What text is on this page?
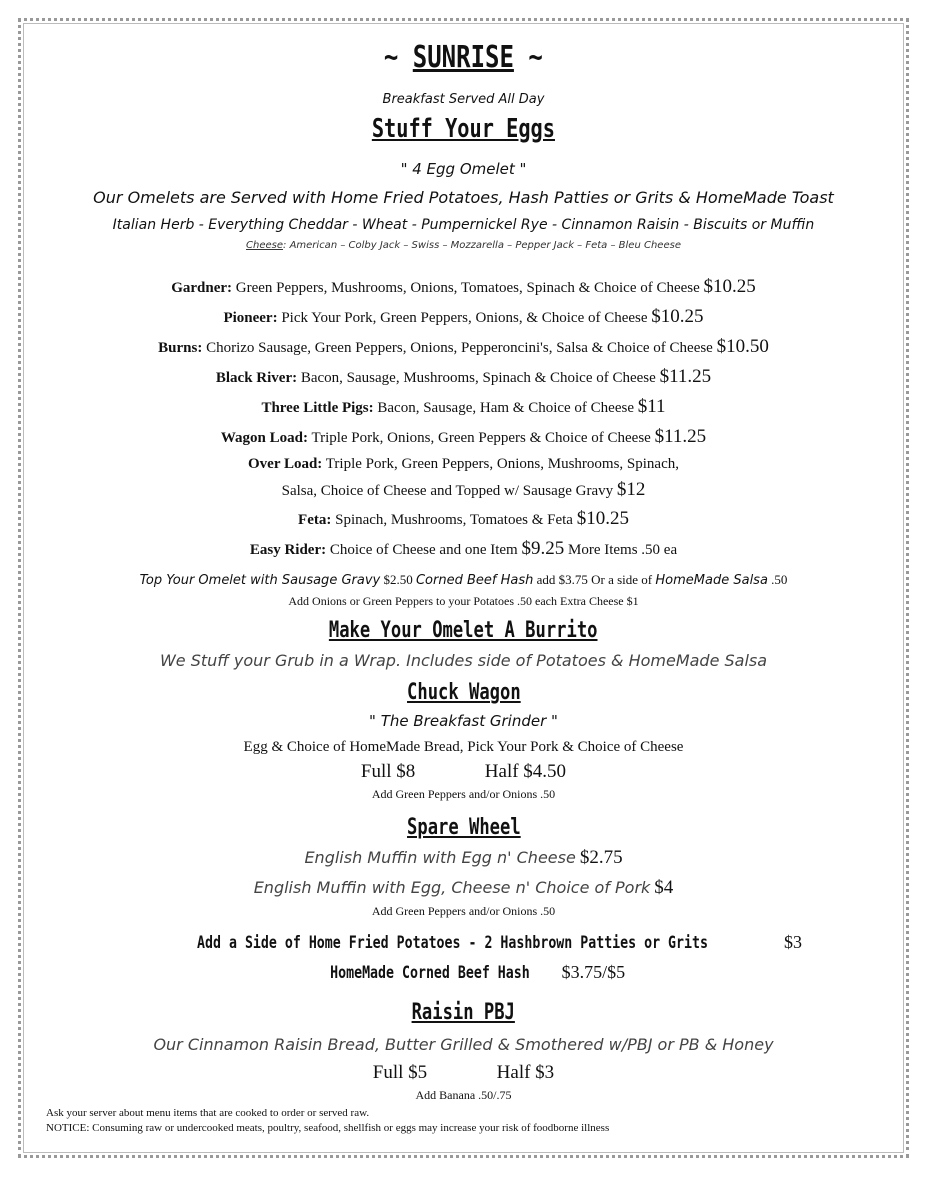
~ SUNRISE ~
Breakfast Served All Day
Stuff Your Eggs
" 4 Egg Omelet "
Our Omelets are Served with Home Fried Potatoes, Hash Patties or Grits & HomeMade Toast
Italian Herb - Everything Cheddar - Wheat - Pumpernickel Rye - Cinnamon Raisin - Biscuits or Muffin
Cheese: American – Colby Jack – Swiss – Mozzarella – Pepper Jack – Feta – Bleu Cheese
Gardner: Green Peppers, Mushrooms, Onions, Tomatoes, Spinach & Choice of Cheese $10.25
Pioneer: Pick Your Pork, Green Peppers, Onions, & Choice of Cheese $10.25
Burns: Chorizo Sausage, Green Peppers, Onions, Pepperoncini's, Salsa & Choice of Cheese $10.50
Black River: Bacon, Sausage, Mushrooms, Spinach & Choice of Cheese $11.25
Three Little Pigs: Bacon, Sausage, Ham & Choice of Cheese $11
Wagon Load: Triple Pork, Onions, Green Peppers & Choice of Cheese $11.25
Over Load: Triple Pork, Green Peppers, Onions, Mushrooms, Spinach,
Salsa, Choice of Cheese and Topped w/ Sausage Gravy $12
Feta: Spinach, Mushrooms, Tomatoes & Feta $10.25
Easy Rider: Choice of Cheese and one Item $9.25 More Items .50 ea
Top Your Omelet with Sausage Gravy $2.50 Corned Beef Hash add $3.75 Or a side of HomeMade Salsa .50
Add Onions or Green Peppers to your Potatoes .50 each Extra Cheese $1
Make Your Omelet A Burrito
We Stuff your Grub in a Wrap. Includes side of Potatoes & HomeMade Salsa
Chuck Wagon
" The Breakfast Grinder "
Egg & Choice of HomeMade Bread, Pick Your Pork & Choice of Cheese
Full $8	Half $4.50
Add Green Peppers and/or Onions .50
Spare Wheel
English Muffin with Egg n' Cheese $2.75
English Muffin with Egg, Cheese n' Choice of Pork $4
Add Green Peppers and/or Onions .50
Add a Side of Home Fried Potatoes - 2 Hashbrown Patties or Grits	$3
HomeMade Corned Beef Hash $3.75/$5
Raisin PBJ
Our Cinnamon Raisin Bread, Butter Grilled & Smothered w/PBJ or PB & Honey
Full $5	Half $3
Add Banana .50/.75
Ask your server about menu items that are cooked to order or served raw.
NOTICE: Consuming raw or undercooked meats, poultry, seafood, shellfish or eggs may increase your risk of foodborne illness
